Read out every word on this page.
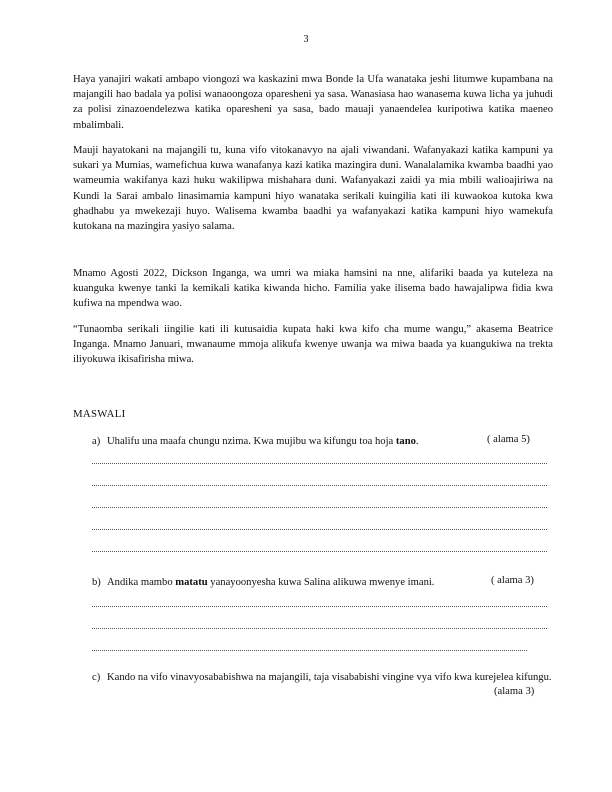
3

Haya yanajiri wakati ambapo viongozi wa kaskazini mwa Bonde la Ufa wanataka jeshi litumwe kupambana na majangili hao badala ya polisi wanaoongoza oparesheni ya sasa. Wanasiasa hao wanasema kuwa licha ya juhudi za polisi zinazoendelezwa katika oparesheni ya sasa, bado mauaji yanaendelea kuripotiwa katika maeneo mbalimbali.

Mauji hayatokani na majangili tu, kuna vifo vitokanavyo na ajali viwandani. Wafanyakazi katika kampuni ya sukari ya Mumias, wamefichua kuwa wanafanya kazi katika mazingira duni. Wanalalamika kwamba baadhi yao wameumia wakifanya kazi huku wakilipwa mishahara duni. Wafanyakazi zaidi ya mia mbili walioajiriwa na Kundi la Sarai ambalo linasimamia kampuni hiyo wanataka serikali kuingilia kati ili kuwaokoa kutoka kwa ghadhabu ya mwekezaji huyo. Walisema kwamba baadhi ya wafanyakazi katika kampuni hiyo wamekufa kutokana na mazingira yasiyo salama.

Mnamo Agosti 2022, Dickson Inganga, wa umri wa miaka hamsini na nne, alifariki baada ya kuteleza na kuanguka kwenye tanki la kemikali katika kiwanda hicho. Familia yake ilisema bado hawajalipwa fidia kwa kufiwa na mpendwa wao.

“Tunaomba serikali iingilie kati ili kutusaidia kupata haki kwa kifo cha mume wangu,” akasema Beatrice Inganga. Mnamo Januari, mwanaume mmoja alikufa kwenye uwanja wa miwa baada ya kuangukiwa na trekta iliyokuwa ikisafirisha miwa.

MASWALI
a) Uhalifu una maafa chungu nzima. Kwa mujibu wa kifungu toa hoja tano.	( alama 5)
b) Andika mambo matatu yanayoonyesha kuwa Salina alikuwa mwenye imani.	( alama 3)
c) Kando na vifo vinavyosababishwa na majangili, taja visababishi vingine vya vifo kwa kurejelea kifungu.
(alama 3)
